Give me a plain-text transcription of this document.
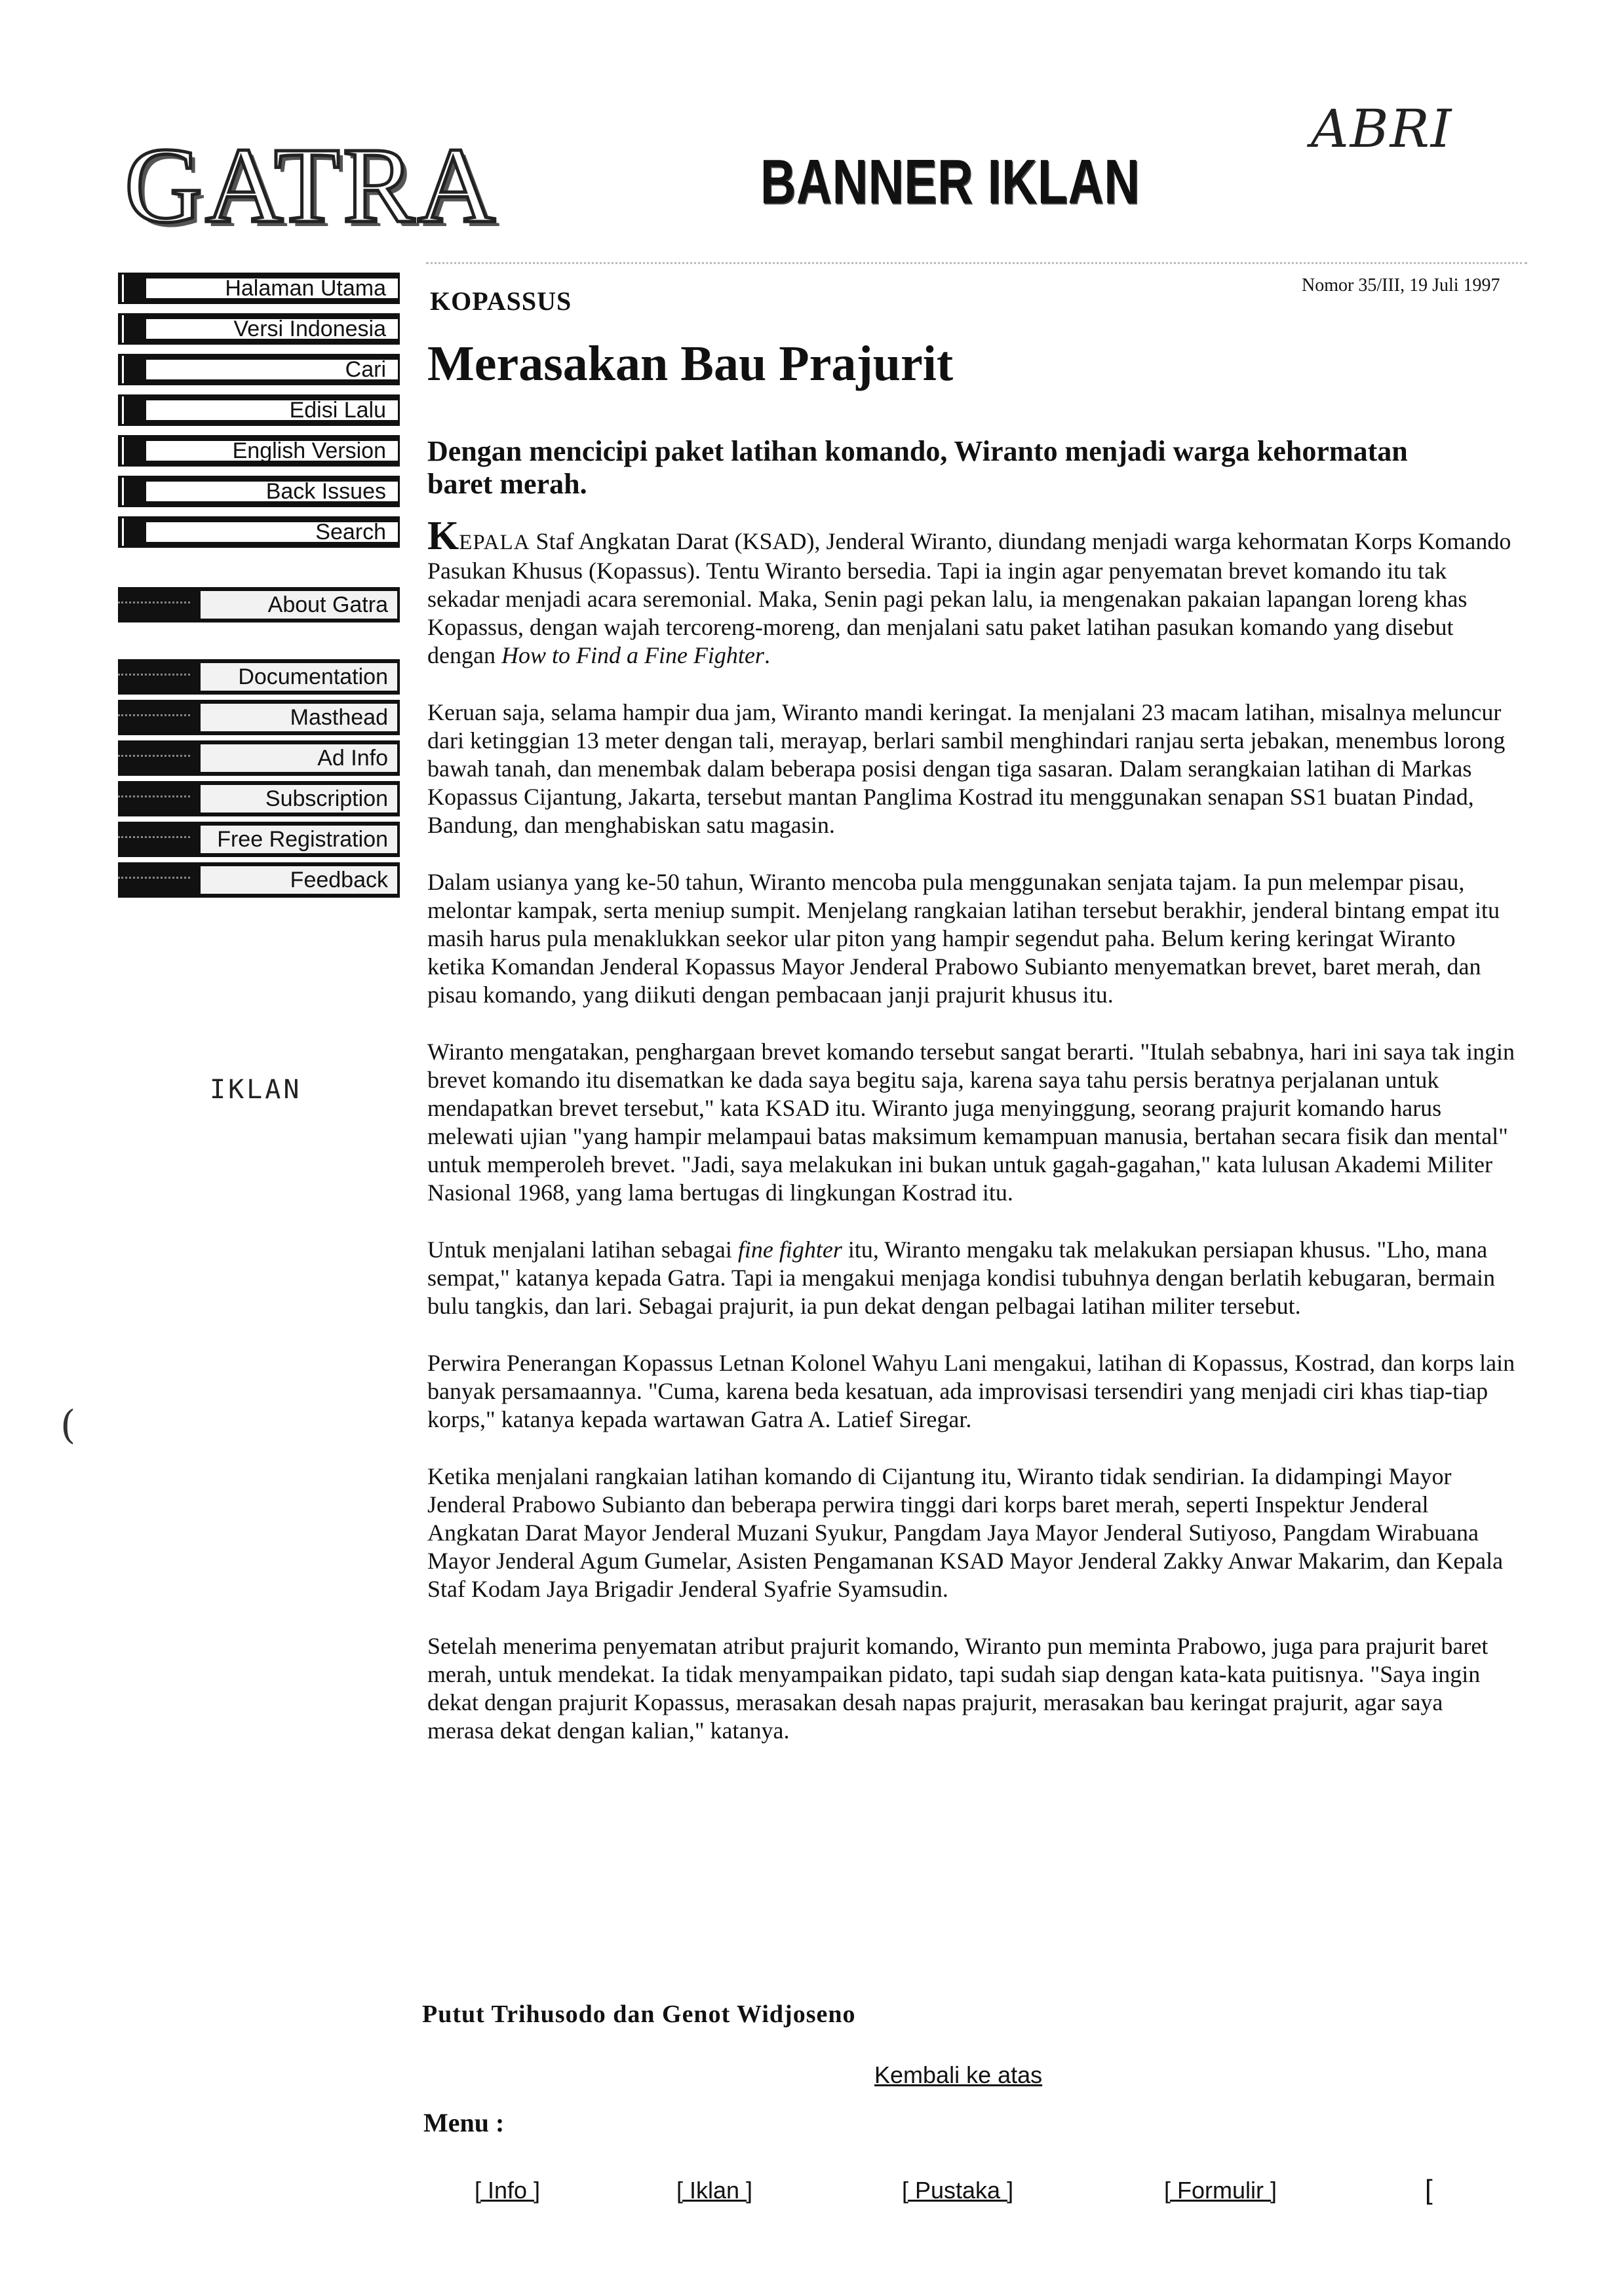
ABRI
GATRA	BANNER IKLAN
Halaman Utama
Versi Indonesia
Cari
Edisi Lalu
English Version
Back Issues
Search
About Gatra
Documentation
Masthead
Ad Info
Subscription
Free Registration
Feedback
IKLAN
(
KOPASSUS
Nomor 35/III, 19 Juli 1997
Merasakan Bau Prajurit
Dengan mencicipi paket latihan komando, Wiranto menjadi warga kehormatan baret merah.

KEPALA Staf Angkatan Darat (KSAD), Jenderal Wiranto, diundang menjadi warga kehormatan Korps Komando Pasukan Khusus (Kopassus). Tentu Wiranto bersedia. Tapi ia ingin agar penyematan brevet komando itu tak sekadar menjadi acara seremonial. Maka, Senin pagi pekan lalu, ia mengenakan pakaian lapangan loreng khas Kopassus, dengan wajah tercoreng-moreng, dan menjalani satu paket latihan pasukan komando yang disebut dengan How to Find a Fine Fighter.

Keruan saja, selama hampir dua jam, Wiranto mandi keringat. Ia menjalani 23 macam latihan, misalnya meluncur dari ketinggian 13 meter dengan tali, merayap, berlari sambil menghindari ranjau serta jebakan, menembus lorong bawah tanah, dan menembak dalam beberapa posisi dengan tiga sasaran. Dalam serangkaian latihan di Markas Kopassus Cijantung, Jakarta, tersebut mantan Panglima Kostrad itu menggunakan senapan SS1 buatan Pindad, Bandung, dan menghabiskan satu magasin.

Dalam usianya yang ke-50 tahun, Wiranto mencoba pula menggunakan senjata tajam. Ia pun melempar pisau, melontar kampak, serta meniup sumpit. Menjelang rangkaian latihan tersebut berakhir, jenderal bintang empat itu masih harus pula menaklukkan seekor ular piton yang hampir segendut paha. Belum kering keringat Wiranto ketika Komandan Jenderal Kopassus Mayor Jenderal Prabowo Subianto menyematkan brevet, baret merah, dan pisau komando, yang diikuti dengan pembacaan janji prajurit khusus itu.

Wiranto mengatakan, penghargaan brevet komando tersebut sangat berarti. "Itulah sebabnya, hari ini saya tak ingin brevet komando itu disematkan ke dada saya begitu saja, karena saya tahu persis beratnya perjalanan untuk mendapatkan brevet tersebut," kata KSAD itu. Wiranto juga menyinggung, seorang prajurit komando harus melewati ujian "yang hampir melampaui batas maksimum kemampuan manusia, bertahan secara fisik dan mental" untuk memperoleh brevet. "Jadi, saya melakukan ini bukan untuk gagah-gagahan," kata lulusan Akademi Militer Nasional 1968, yang lama bertugas di lingkungan Kostrad itu.

Untuk menjalani latihan sebagai fine fighter itu, Wiranto mengaku tak melakukan persiapan khusus. "Lho, mana sempat," katanya kepada Gatra. Tapi ia mengakui menjaga kondisi tubuhnya dengan berlatih kebugaran, bermain bulu tangkis, dan lari. Sebagai prajurit, ia pun dekat dengan pelbagai latihan militer tersebut.

Perwira Penerangan Kopassus Letnan Kolonel Wahyu Lani mengakui, latihan di Kopassus, Kostrad, dan korps lain banyak persamaannya. "Cuma, karena beda kesatuan, ada improvisasi tersendiri yang menjadi ciri khas tiap-tiap korps," katanya kepada wartawan Gatra A. Latief Siregar.

Ketika menjalani rangkaian latihan komando di Cijantung itu, Wiranto tidak sendirian. Ia didampingi Mayor Jenderal Prabowo Subianto dan beberapa perwira tinggi dari korps baret merah, seperti Inspektur Jenderal Angkatan Darat Mayor Jenderal Muzani Syukur, Pangdam Jaya Mayor Jenderal Sutiyoso, Pangdam Wirabuana Mayor Jenderal Agum Gumelar, Asisten Pengamanan KSAD Mayor Jenderal Zakky Anwar Makarim, dan Kepala Staf Kodam Jaya Brigadir Jenderal Syafrie Syamsudin.

Setelah menerima penyematan atribut prajurit komando, Wiranto pun meminta Prabowo, juga para prajurit baret merah, untuk mendekat. Ia tidak menyampaikan pidato, tapi sudah siap dengan kata-kata puitisnya. "Saya ingin dekat dengan prajurit Kopassus, merasakan desah napas prajurit, merasakan bau keringat prajurit, agar saya merasa dekat dengan kalian," katanya.

Putut Trihusodo dan Genot Widjoseno
Kembali ke atas
Menu :
[ Info ]	[ Iklan ]	[ Pustaka ]	[ Formulir ]	[
